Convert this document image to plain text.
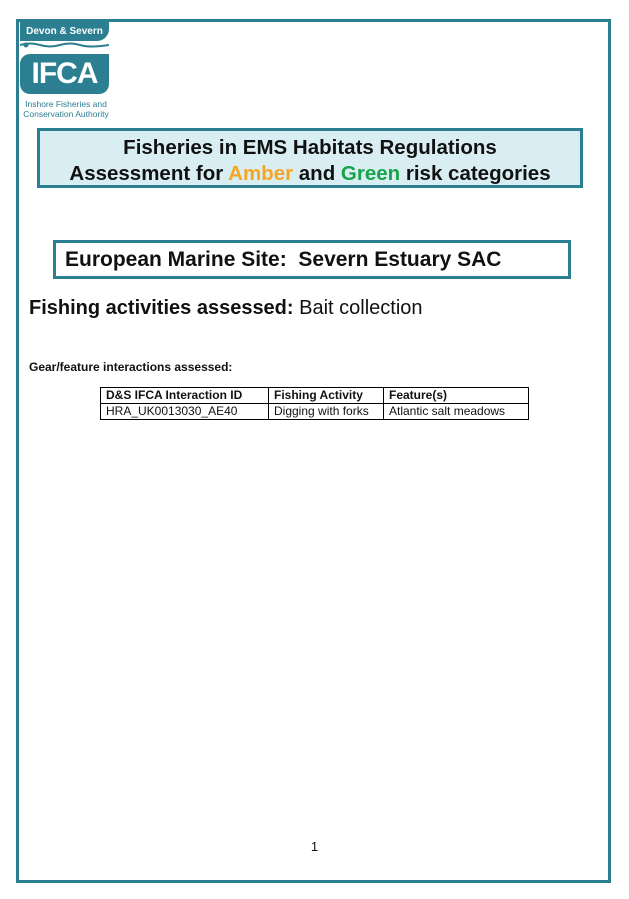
Devon & Severn
IFCA
Inshore Fisheries and
Conservation Authority
Fisheries in EMS Habitats Regulations
Assessment for Amber and Green risk categories
European Marine Site:  Severn Estuary SAC
Fishing activities assessed: Bait collection
Gear/feature interactions assessed:
D&S IFCA Interaction ID	Fishing Activity	Feature(s)
HRA_UK0013030_AE40	Digging with forks	Atlantic salt meadows
1
